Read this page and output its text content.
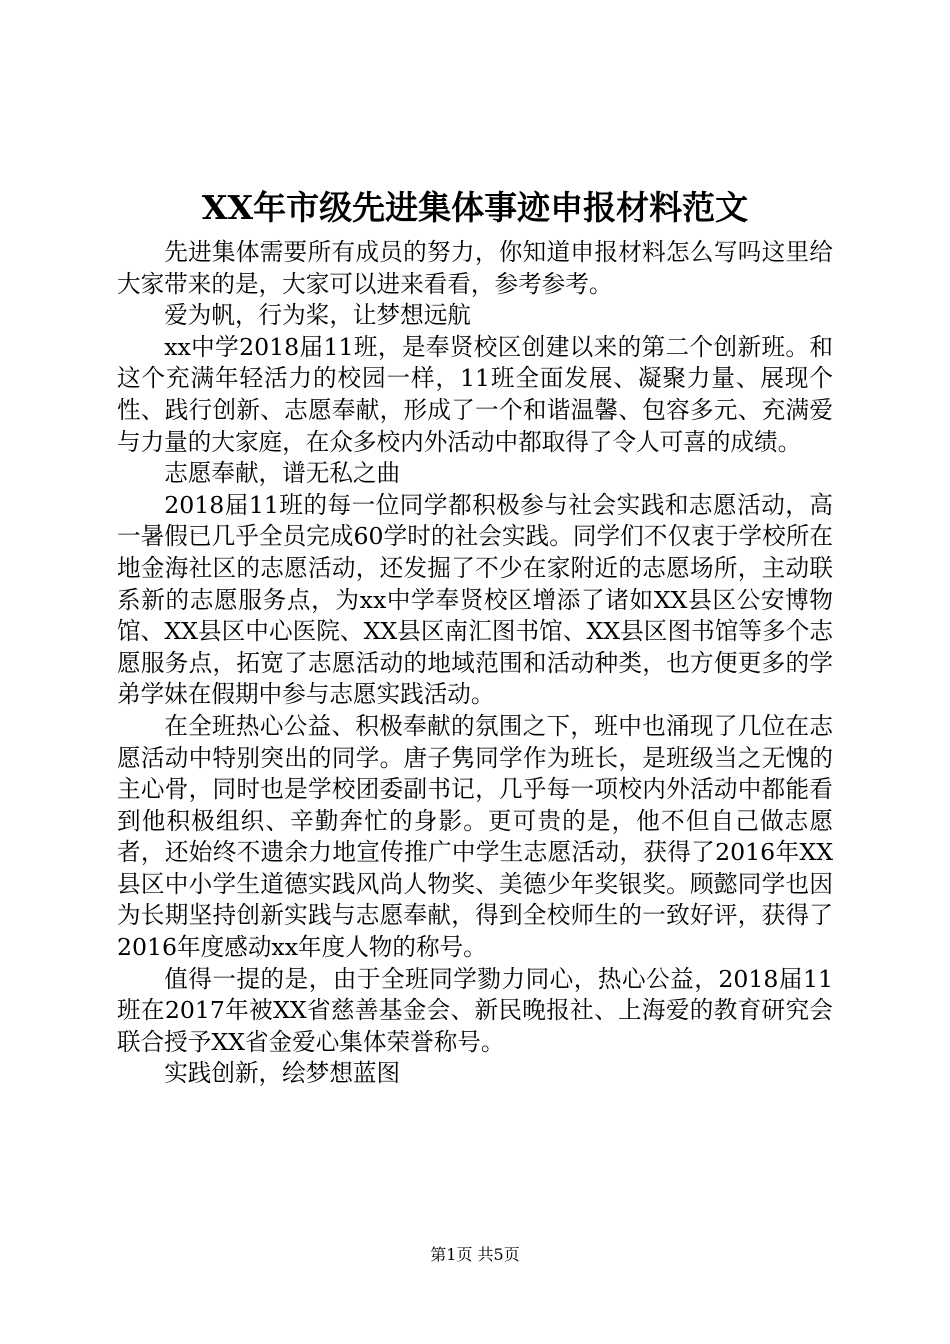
XX年市级先进集体事迹申报材料范文

先进集体需要所有成员的努力，你知道申报材料怎么写吗这里给大家带来的是，大家可以进来看看，参考参考。

爱为帆，行为桨，让梦想远航

xx中学2018届11班，是奉贤校区创建以来的第二个创新班。和这个充满年轻活力的校园一样，11班全面发展、凝聚力量、展现个性、践行创新、志愿奉献，形成了一个和谐温馨、包容多元、充满爱与力量的大家庭，在众多校内外活动中都取得了令人可喜的成绩。

志愿奉献，谱无私之曲

2018届11班的每一位同学都积极参与社会实践和志愿活动，高一暑假已几乎全员完成60学时的社会实践。同学们不仅衷于学校所在地金海社区的志愿活动，还发掘了不少在家附近的志愿场所，主动联系新的志愿服务点，为xx中学奉贤校区增添了诸如XX县区公安博物馆、XX县区中心医院、XX县区南汇图书馆、XX县区图书馆等多个志愿服务点，拓宽了志愿活动的地域范围和活动种类，也方便更多的学弟学妹在假期中参与志愿实践活动。

在全班热心公益、积极奉献的氛围之下，班中也涌现了几位在志愿活动中特别突出的同学。唐子隽同学作为班长，是班级当之无愧的主心骨，同时也是学校团委副书记，几乎每一项校内外活动中都能看到他积极组织、辛勤奔忙的身影。更可贵的是，他不但自己做志愿者，还始终不遗余力地宣传推广中学生志愿活动，获得了2016年XX县区中小学生道德实践风尚人物奖、美德少年奖银奖。顾懿同学也因为长期坚持创新实践与志愿奉献，得到全校师生的一致好评，获得了2016年度感动xx年度人物的称号。

值得一提的是，由于全班同学勠力同心，热心公益，2018届11班在2017年被XX省慈善基金会、新民晚报社、上海爱的教育研究会联合授予XX省金爱心集体荣誉称号。

实践创新，绘梦想蓝图

第1页 共5页
